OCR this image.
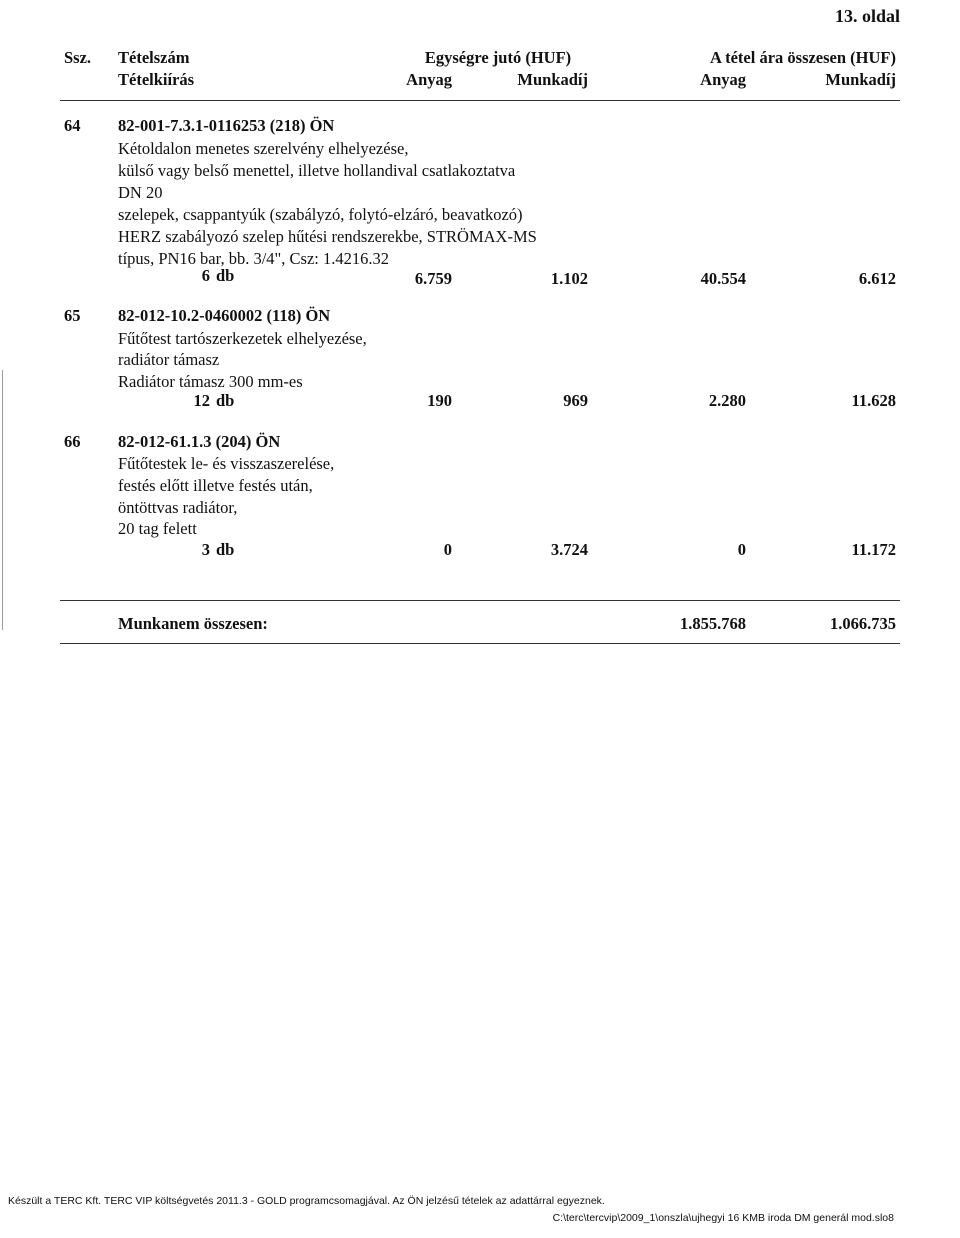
13. oldal
Ssz. Tételszám
Tételkiírás
Egységre jutó (HUF)
Anyag	Munkadíj
A tétel ára összesen (HUF)
Anyag	Munkadíj
64 82-001-7.3.1-0116253 (218) ÖN
Kétoldalon menetes szerelvény elhelyezése,
külső vagy belső menettel, illetve hollandival csatlakoztatva
DN 20
szelepek, csappantyúk (szabályzó, folytó-elzáró, beavatkozó)
HERZ szabályozó szelep hűtési rendszerekbe, STRÖMAX-MS
típus, PN16 bar, bb. 3/4", Csz: 1.4216.32
6 db	6.759	1.102	40.554	6.612
65 82-012-10.2-0460002 (118) ÖN
Fűtőtest tartószerkezetek elhelyezése,
radiátor támasz
Radiátor támasz 300 mm-es
12 db	190	969	2.280	11.628
66 82-012-61.1.3 (204) ÖN
Fűtőtestek le- és visszaszerelése,
festés előtt illetve festés után,
öntöttvas radiátor,
20 tag felett
3 db	0	3.724	0	11.172
Munkanem összesen:	1.855.768	1.066.735
Készült a TERC Kft. TERC VIP költségvetés 2011.3 - GOLD programcsomagjával. Az ÖN jelzésű tételek az adattárral egyeznek.
C:\terc\tercvip\2009_1\onszla\ujhegyi 16 KMB iroda DM generál mod.slo8
